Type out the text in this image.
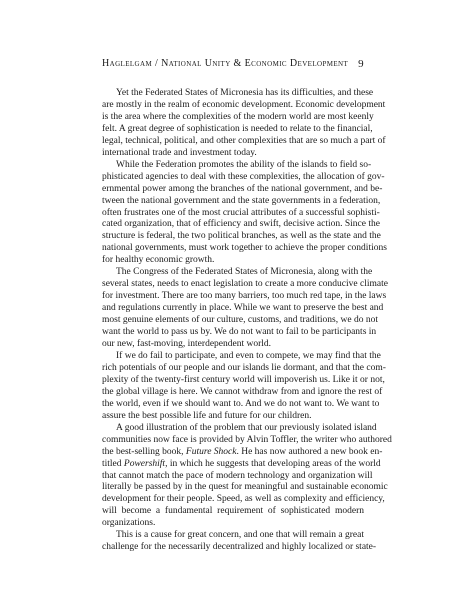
Haglelgam / National Unity & Economic Development 9
Yet the Federated States of Micronesia has its difficulties, and these
are mostly in the realm of economic development. Economic development
is the area where the complexities of the modern world are most keenly
felt. A great degree of sophistication is needed to relate to the financial,
legal, technical, political, and other complexities that are so much a part of
international trade and investment today.
While the Federation promotes the ability of the islands to field so-
phisticated agencies to deal with these complexities, the allocation of gov-
ernmental power among the branches of the national government, and be-
tween the national government and the state governments in a federation,
often frustrates one of the most crucial attributes of a successful sophisti-
cated organization, that of efficiency and swift, decisive action. Since the
structure is federal, the two political branches, as well as the state and the
national governments, must work together to achieve the proper conditions
for healthy economic growth.
The Congress of the Federated States of Micronesia, along with the
several states, needs to enact legislation to create a more conducive climate
for investment. There are too many barriers, too much red tape, in the laws
and regulations currently in place. While we want to preserve the best and
most genuine elements of our culture, customs, and traditions, we do not
want the world to pass us by. We do not want to fail to be participants in
our new, fast-moving, interdependent world.
If we do fail to participate, and even to compete, we may find that the
rich potentials of our people and our islands lie dormant, and that the com-
plexity of the twenty-first century world will impoverish us. Like it or not,
the global village is here. We cannot withdraw from and ignore the rest of
the world, even if we should want to. And we do not want to. We want to
assure the best possible life and future for our children.
A good illustration of the problem that our previously isolated island
communities now face is provided by Alvin Toffler, the writer who authored
the best-selling book, Future Shock. He has now authored a new book en-
titled Powershift, in which he suggests that developing areas of the world
that cannot match the pace of modern technology and organization will
literally be passed by in the quest for meaningful and sustainable economic
development for their people. Speed, as well as complexity and efficiency,
will become a fundamental requirement of sophisticated modern
organizations.
This is a cause for great concern, and one that will remain a great
challenge for the necessarily decentralized and highly localized or state-
